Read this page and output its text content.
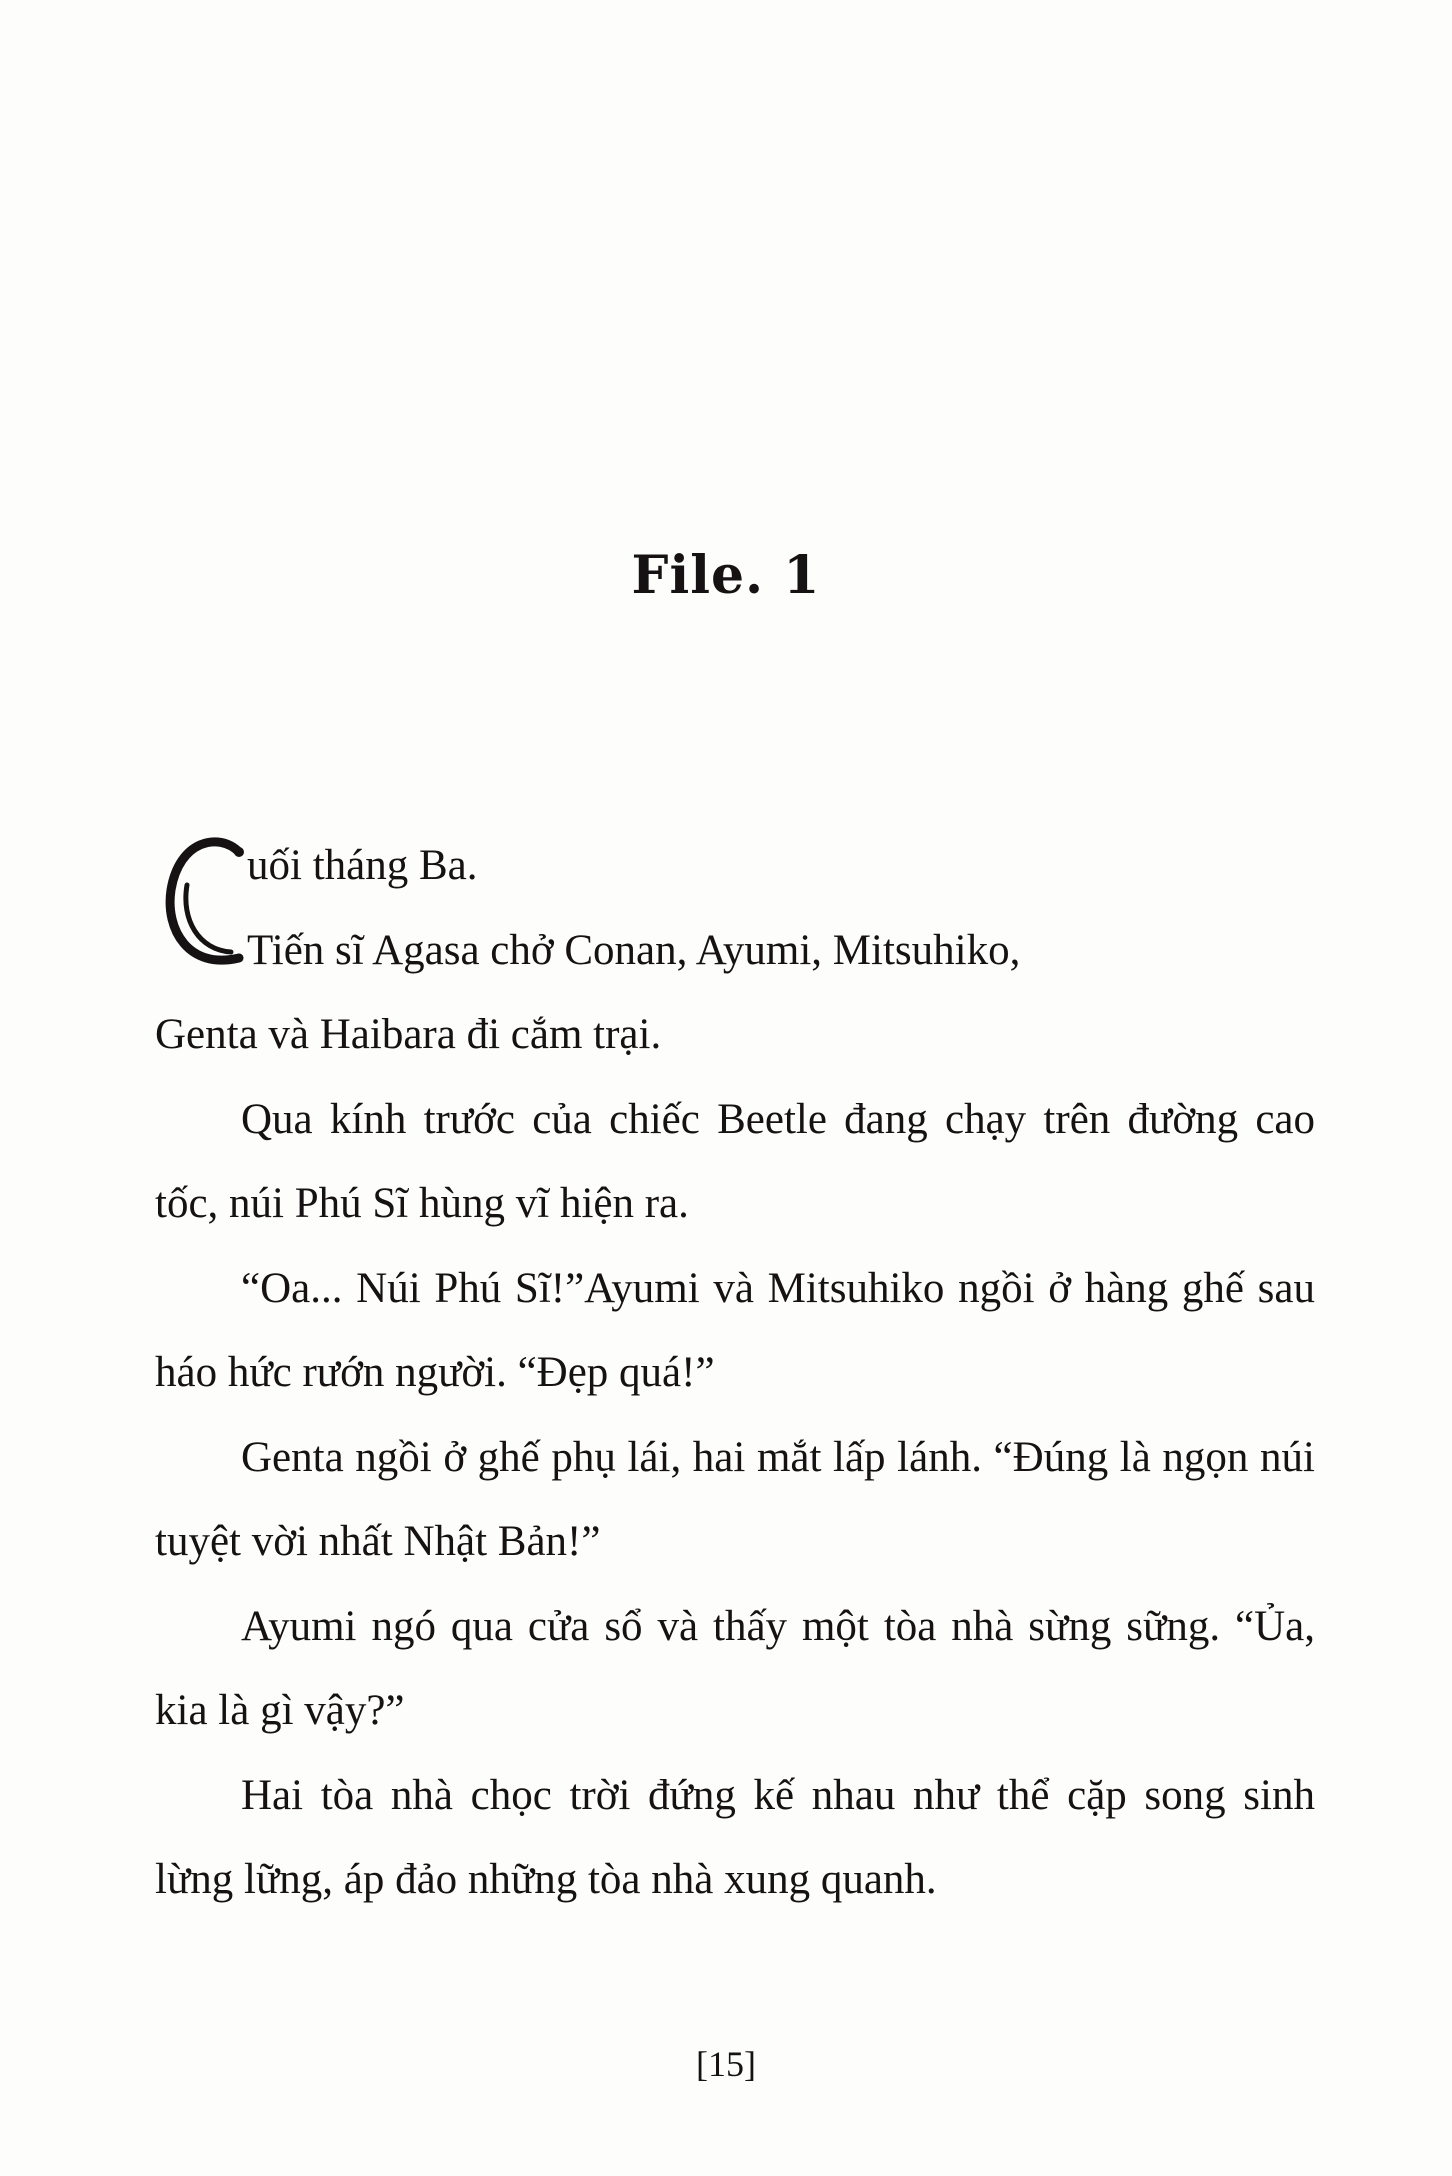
File. 1

uối tháng Ba.

Tiến sĩ Agasa chở Conan, Ayumi, Mitsuhiko,

Genta và Haibara đi cắm trại.

Qua kính trước của chiếc Beetle đang chạy trên đường cao tốc, núi Phú Sĩ hùng vĩ hiện ra.

“Oa... Núi Phú Sĩ!”Ayumi và Mitsuhiko ngồi ở hàng ghế sau háo hức rướn người. “Đẹp quá!”

Genta ngồi ở ghế phụ lái, hai mắt lấp lánh. “Đúng là ngọn núi tuyệt vời nhất Nhật Bản!”

Ayumi ngó qua cửa sổ và thấy một tòa nhà sừng sững. “Ủa, kia là gì vậy?”

Hai tòa nhà chọc trời đứng kế nhau như thể cặp song sinh lừng lững, áp đảo những tòa nhà xung quanh.

[15]
